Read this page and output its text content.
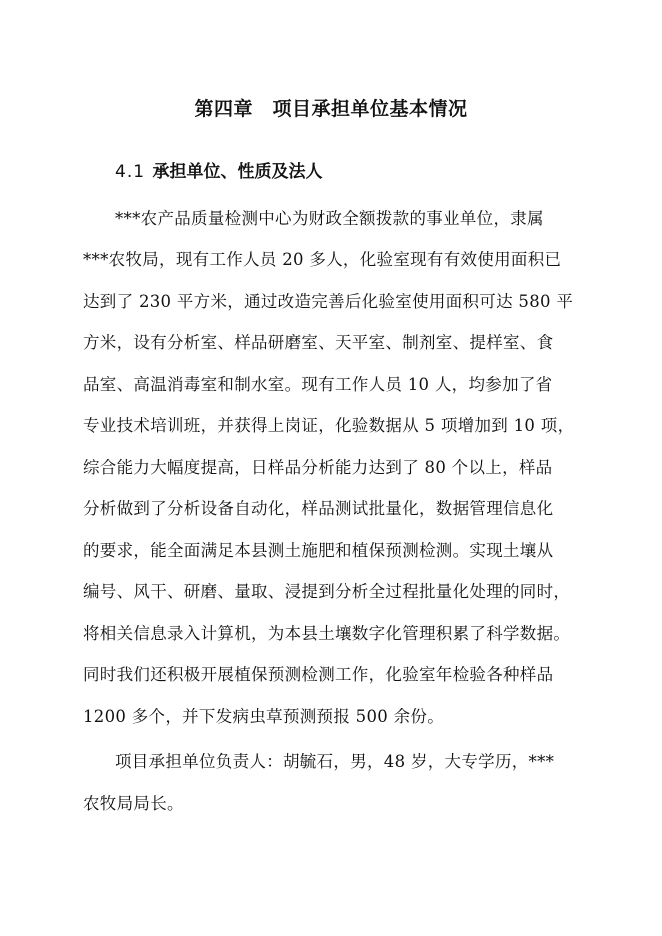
第四章　项目承担单位基本情况
4.1 承担单位、性质及法人
***农产品质量检测中心为财政全额拨款的事业单位，隶属
***农牧局，现有工作人员 20 多人，化验室现有有效使用面积已
达到了 230 平方米，通过改造完善后化验室使用面积可达 580 平
方米，设有分析室、样品研磨室、天平室、制剂室、提样室、食
品室、高温消毒室和制水室。现有工作人员 10 人，均参加了省
专业技术培训班，并获得上岗证，化验数据从 5 项增加到 10 项，
综合能力大幅度提高，日样品分析能力达到了 80 个以上，样品
分析做到了分析设备自动化，样品测试批量化，数据管理信息化
的要求，能全面满足本县测土施肥和植保预测检测。实现土壤从
编号、风干、研磨、量取、浸提到分析全过程批量化处理的同时，
将相关信息录入计算机，为本县土壤数字化管理积累了科学数据。
同时我们还积极开展植保预测检测工作，化验室年检验各种样品
1200 多个，并下发病虫草预测预报 500 余份。
项目承担单位负责人：胡毓石，男，48 岁，大专学历，***
农牧局局长。
